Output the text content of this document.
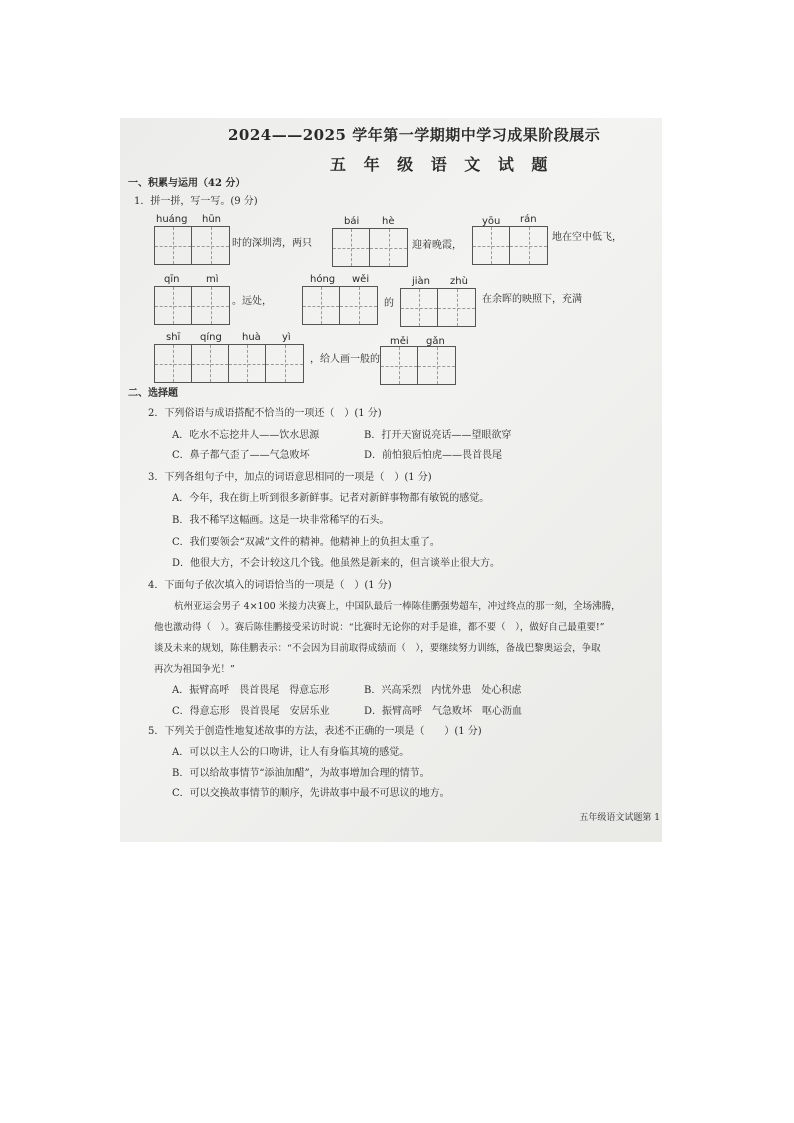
2024——2025 学年第一学期期中学习成果阶段展示
五 年 级 语 文 试 题
一、积累与运用（42 分）
1．拼一拼，写一写。(9 分)
huáng hūn
时的深圳湾，两只
bái hè
迎着晚霞，
yōu rán
地在空中低飞，
qīn	mì
。远处，
hóng wěi
的
jiàn zhù
在余晖的映照下，充满
shī qíng huà yì
，给人画一般的
měi gǎn
二、选择题
2．下列俗语与成语搭配不恰当的一项还（　）(1 分)
A．吃水不忘挖井人——饮水思源	B．打开天窗说亮话——望眼欲穿
C．鼻子都气歪了——气急败坏	D．前怕狼后怕虎——畏首畏尾
3．下列各组句子中，加点的词语意思相同的一项是（　）(1 分)
A．今年，我在街上听到很多新鲜事。记者对新鲜事物都有敏锐的感觉。
B．我不稀罕这幅画。这是一块非常稀罕的石头。
C．我们要领会“双减”文件的精神。他精神上的负担太重了。
D．他很大方，不会计较这几个钱。他虽然是新来的，但言谈举止很大方。
4．下面句子依次填入的词语恰当的一项是（　）(1 分)
杭州亚运会男子 4×100 米接力决赛上，中国队最后一棒陈佳鹏强势超车，冲过终点的那一刻，全场沸腾，
他也激动得（　）。赛后陈佳鹏接受采访时说：“比赛时无论你的对手是谁，都不要（　），做好自己最重要!”
谈及未来的规划，陈佳鹏表示：“不会因为目前取得成绩而（　），要继续努力训练，备战巴黎奥运会，争取
再次为祖国争光！”
A．振臂高呼　畏首畏尾　得意忘形	B．兴高采烈　内忧外患　处心积虑
C．得意忘形　畏首畏尾　安居乐业	D．振臂高呼　气急败坏　呕心沥血
5．下列关于创造性地复述故事的方法，表述不正确的一项是（　　）(1 分)
A．可以以主人公的口吻讲，让人有身临其境的感觉。
B．可以给故事情节“添油加醋”，为故事增加合理的情节。
C．可以交换故事情节的顺序，先讲故事中最不可思议的地方。
五年级语文试题第 1
